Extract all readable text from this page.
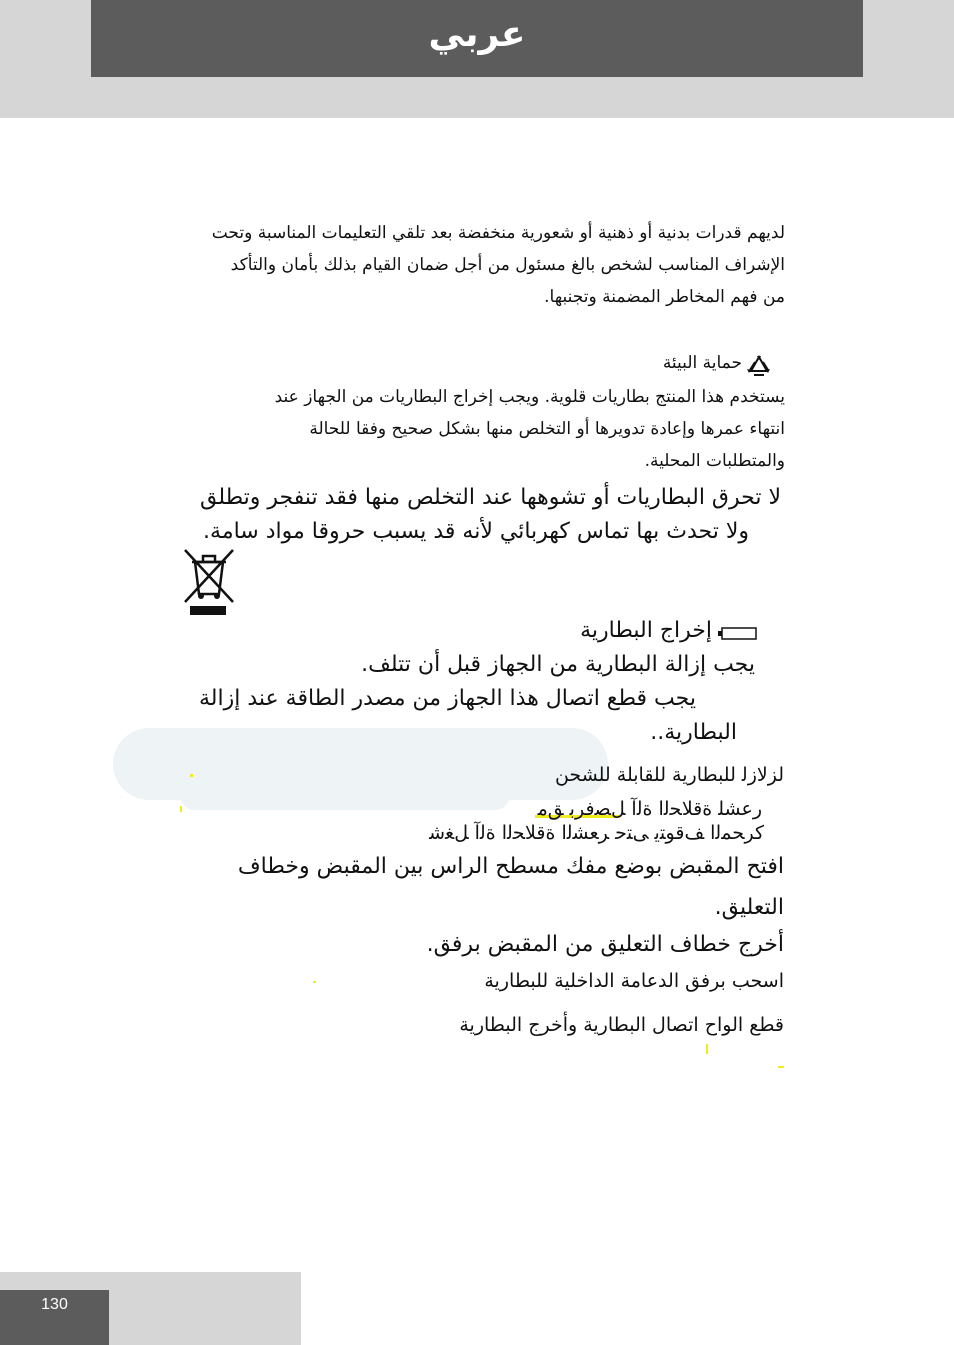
عربي
لديهم قدرات بدنية أو ذهنية أو شعورية منخفضة بعد تلقي التعليمات المناسبة وتحت
الإشراف المناسب لشخص بالغ مسئول من أجل ضمان القيام بذلك بأمان والتأكد
من فهم المخاطر المضمنة وتجنبها.
حماية البيئة
يستخدم هذا المنتج بطاريات قلوية. ويجب إخراج البطاريات من الجهاز عند
انتهاء عمرها وإعادة تدويرها أو التخلص منها بشكل صحيح وفقا للحالة
والمتطلبات المحلية.
لا تحرق البطاريات أو تشوهها عند التخلص منها فقد تنفجر وتطلق
ولا تحدث بها تماس كهربائي لأنه قد يسبب حروقا مواد سامة.
إخراج البطارية
يجب إزالة البطارية من الجهاز قبل أن تتلف.
يجب قطع اتصال هذا الجهاز من مصدر الطاقة عند إزالة
البطارية..
ﻟﺰﻻﺯﻟ ﻟﻠﺒﻄﺎﺭﻳﺔ ﻟﻠﻘﺎﺑﻠﺔ ﻟﻠﺸﺤﻦ
ﺭﻋﺸﻠ ﺓﻗﻼﺤﻟﺍ ﺓﻟﺁ ﻞﺼﻓﺮﺑ ﻖﻣ
ﻛﺮﺤﻤﻟﺍ ﻒﻗﻮﺘﻳ ﻰﺘﺣ ﺮﻌﺸﻟﺍ ﺓﻗﻼﺤﻟﺍ ﺓﻟﺁ ﻞﻐﺷ
افتح المقبض بوضع مفك مسطح الراس بين المقبض وخطاف
التعليق.
أخرج خطاف التعليق من المقبض برفق.
ﺍﺳﺤﺐ ﺑﺮﻓﻖ ﺍﻟﺪﻋﺎﻣﺔ ﺍﻟﺪﺍﺧﻠﻴﺔ ﻟﻠﺒﻄﺎﺭﻳﺔ
ﻗﻄﻊ ﺍﻟﻮﺍﺡ ﺍﺗﺼﺎﻝ ﺍﻟﺒﻄﺎﺭﻳﺔ ﻭﺃﺧﺮﺝ ﺍﻟﺒﻄﺎﺭﻳﺔ
130
